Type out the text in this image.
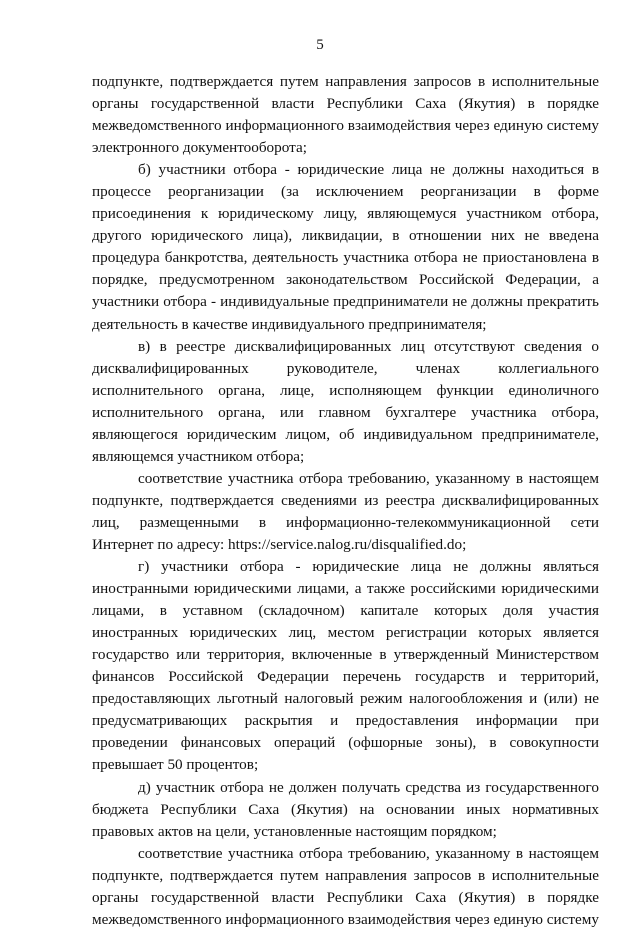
5

подпункте, подтверждается путем направления запросов в исполнительные органы государственной власти Республики Саха (Якутия) в порядке межведомственного информационного взаимодействия через единую систему электронного документооборота;

б) участники отбора - юридические лица не должны находиться в процессе реорганизации (за исключением реорганизации в форме присоединения к юридическому лицу, являющемуся участником отбора, другого юридического лица), ликвидации, в отношении них не введена процедура банкротства, деятельность участника отбора не приостановлена в порядке, предусмотренном законодательством Российской Федерации, а участники отбора - индивидуальные предприниматели не должны прекратить деятельность в качестве индивидуального предпринимателя;

в) в реестре дисквалифицированных лиц отсутствуют сведения о дисквалифицированных руководителе, членах коллегиального исполнительного органа, лице, исполняющем функции единоличного исполнительного органа, или главном бухгалтере участника отбора, являющегося юридическим лицом, об индивидуальном предпринимателе, являющемся участником отбора;

соответствие участника отбора требованию, указанному в настоящем подпункте, подтверждается сведениями из реестра дисквалифицированных лиц, размещенными в информационно-телекоммуникационной сети Интернет по адресу: https://service.nalog.ru/disqualified.do;

г) участники отбора - юридические лица не должны являться иностранными юридическими лицами, а также российскими юридическими лицами, в уставном (складочном) капитале которых доля участия иностранных юридических лиц, местом регистрации которых является государство или территория, включенные в утвержденный Министерством финансов Российской Федерации перечень государств и территорий, предоставляющих льготный налоговый режим налогообложения и (или) не предусматривающих раскрытия и предоставления информации при проведении финансовых операций (офшорные зоны), в совокупности превышает 50 процентов;

д) участник отбора не должен получать средства из государственного бюджета Республики Саха (Якутия) на основании иных нормативных правовых актов на цели, установленные настоящим порядком;

соответствие участника отбора требованию, указанному в настоящем подпункте, подтверждается путем направления запросов в исполнительные органы государственной власти Республики Саха (Якутия) в порядке межведомственного информационного взаимодействия через единую систему
